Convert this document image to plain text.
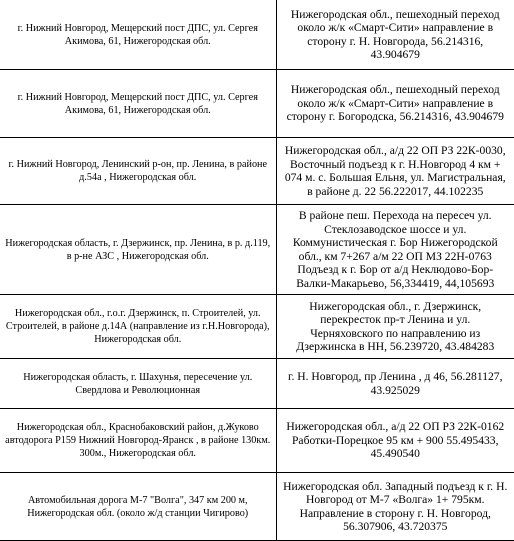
г. Нижний Новгород, Мещерский пост ДПС, ул. Сергея Акимова, 61, Нижегородская обл.	Нижегородская обл., пешеходный переход около ж/к «Смарт-Сити» направление в сторону г. Н. Новгорода, 56.214316, 43.904679

г. Нижний Новгород, Мещерский пост ДПС, ул. Сергея Акимова, 61, Нижегородская обл.	Нижегородская обл., пешеходный переход около ж/к «Смарт-Сити» направление в сторону г. Богородска, 56.214316, 43.904679

г. Нижний Новгород, Ленинский р-он, пр. Ленина, в районе д.54а , Нижегородская обл.	Нижегородская обл., а/д 22 ОП РЗ 22К-0030, Восточный подъезд к г. Н.Новгород 4 км + 074 м. с. Большая Ельня, ул. Магистральная, в районе д. 22 56.222017, 44.102235

Нижегородская область, г. Дзержинск, пр. Ленина, в р. д.119, в р-не АЗС , Нижегородская обл.	В районе пеш. Перехода на пересеч ул. Стеклозаводское шоссе и ул. Коммунистическая г. Бор Нижегородской обл., км 7+267 а/м 22 ОП МЗ 22Н-0763 Подъезд к г. Бор от а/д Неклюдово-Бор-Валки-Макарьево, 56,334419, 44,105693

Нижегородская обл., г.о.г. Дзержинск, п. Строителей, ул. Строителей, в районе д.14А (направление из г.Н.Новгорода), Нижегородская обл.	Нижегородская обл., г. Дзержинск, перекресток пр-т Ленина и ул. Черняховского по направлению из Дзержинска в НН, 56.239720, 43.484283

Нижегородская область, г. Шахунья, пересечение ул. Свердлова и Революционная	г. Н. Новгород, пр Ленина , д 46, 56.281127, 43.925029

Нижегородская обл., Краснобаковский район, д.Жуково автодорога Р159 Нижний Новгород-Яранск , в районе 130км. 300м., Нижегородская обл.	Нижегородская обл., а/д 22 ОП РЗ 22К-0162 Работки-Порецкое 95 км + 900 55.495433, 45.490540

Автомобильная дорога М-7 "Волга", 347 км 200 м, Нижегородская обл. (около ж/д станции Чигирово)	Нижегородская обл. Западный подъезд к г. Н. Новгород от М-7 «Волга» 1+ 795км. Направление в сторону г. Н. Новгород, 56.307906, 43.720375
